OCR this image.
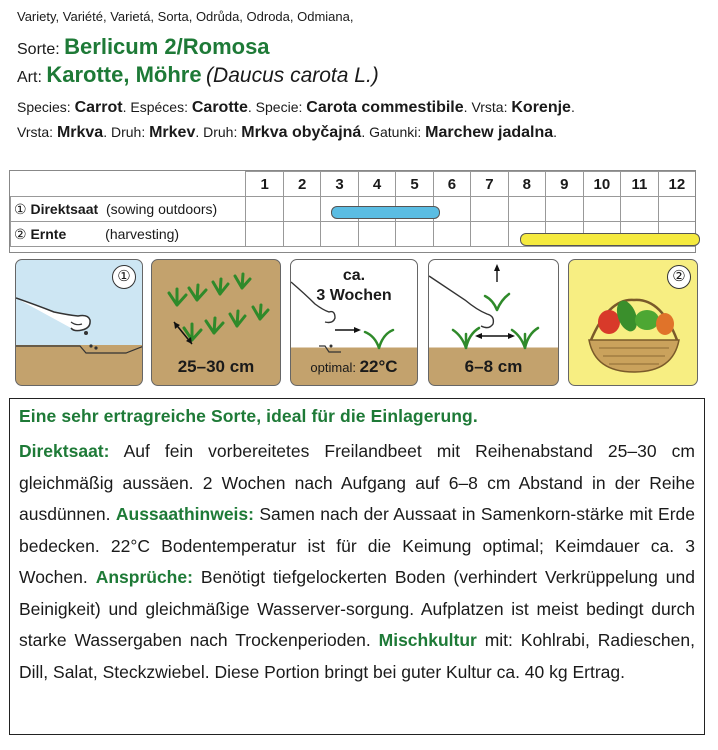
Variety, Variété, Varietá, Sorta, Odrůda, Odroda, Odmiana,
Sorte: Berlicum 2/Romosa
Art: Karotte, Möhre (Daucus carota L.)
Species: Carrot. Espéces: Carotte. Specie: Carota commestibile. Vrsta: Korenje.
Vrsta: Mrkva. Druh: Mrkev. Druh: Mrkva obyčajná. Gatunki: Marchew jadalna.
	1	2	3	4	5	6	7	8	9	10	11	12
① Direktsaat (sowing outdoors)												
② Ernte (harvesting)												
①
25–30 cm
ca.
3 Wochen
optimal: 22°C	6–8 cm
②
Eine sehr ertragreiche Sorte, ideal für die Einlagerung.
Direktsaat: Auf fein vorbereitetes Freilandbeet mit Reihenabstand 25–30 cm gleichmäßig aussäen. 2 Wochen nach Aufgang auf 6–8 cm Abstand in der Reihe ausdünnen. Aussaathinweis: Samen nach der Aussaat in Samenkorn-stärke mit Erde bedecken. 22°C Bodentemperatur ist für die Keimung optimal; Keimdauer ca. 3 Wochen. Ansprüche: Benötigt tiefgelockerten Boden (verhindert Verkrüppelung und Beinigkeit) und gleichmäßige Wasserver-sorgung. Aufplatzen ist meist bedingt durch starke Wassergaben nach Trockenperioden. Mischkultur mit: Kohlrabi, Radieschen, Dill, Salat, Steckzwiebel. Diese Portion bringt bei guter Kultur ca. 40 kg Ertrag.
